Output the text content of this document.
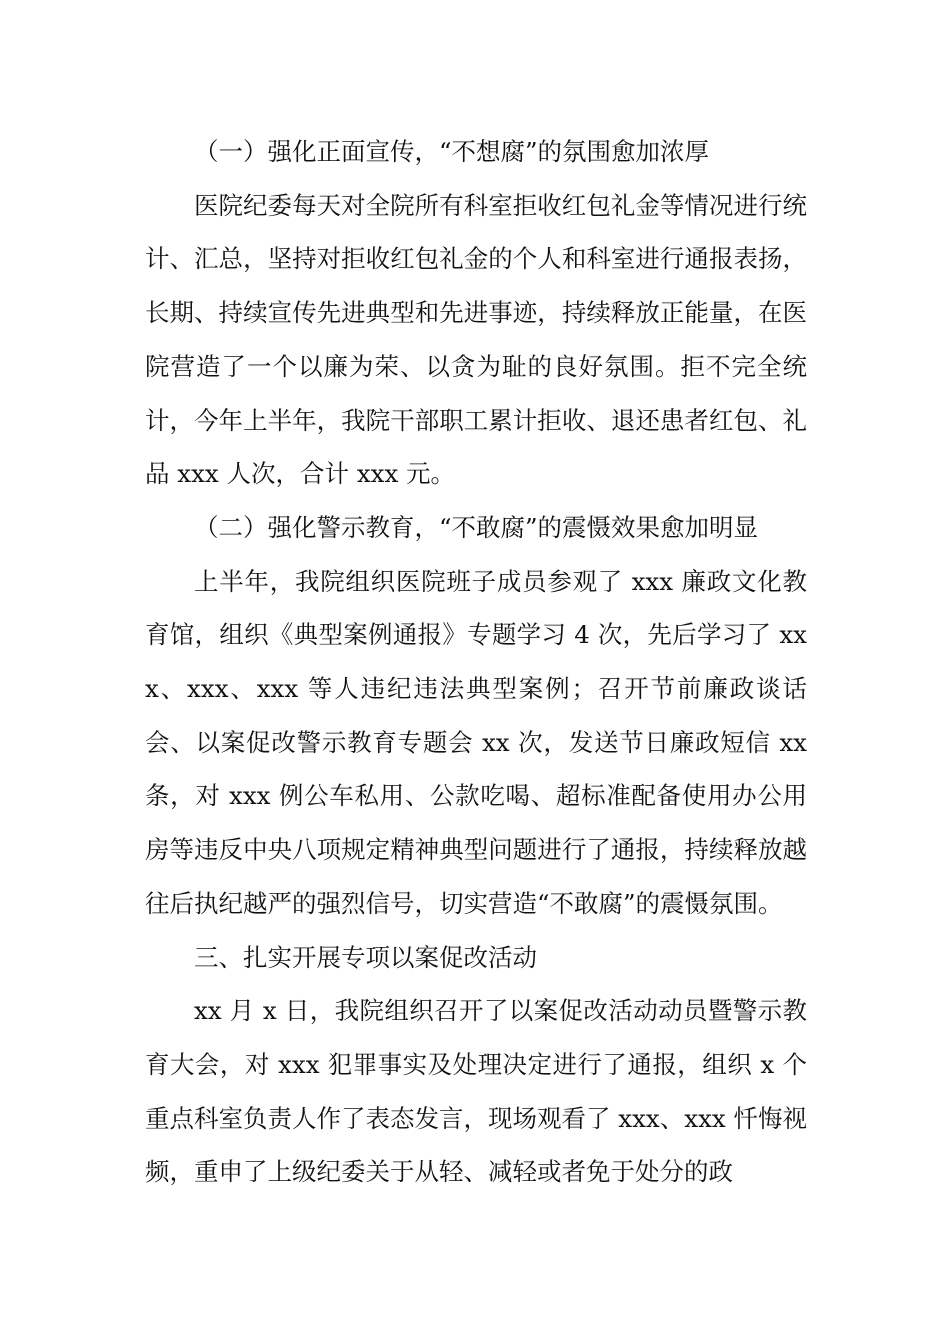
（一）强化正面宣传，“不想腐”的氛围愈加浓厚

医院纪委每天对全院所有科室拒收红包礼金等情况进行统计、汇总，坚持对拒收红包礼金的个人和科室进行通报表扬，长期、持续宣传先进典型和先进事迹，持续释放正能量，在医院营造了一个以廉为荣、以贪为耻的良好氛围。拒不完全统计，今年上半年，我院干部职工累计拒收、退还患者红包、礼品 xxx 人次，合计 xxx 元。

（二）强化警示教育，“不敢腐”的震慑效果愈加明显

上半年，我院组织医院班子成员参观了 xxx 廉政文化教育馆，组织《典型案例通报》专题学习 4 次，先后学习了 xxx、xxx、xxx 等人违纪违法典型案例；召开节前廉政谈话会、以案促改警示教育专题会 xx 次，发送节日廉政短信 xx 条，对 xxx 例公车私用、公款吃喝、超标准配备使用办公用房等违反中央八项规定精神典型问题进行了通报，持续释放越往后执纪越严的强烈信号，切实营造“不敢腐”的震慑氛围。

三、扎实开展专项以案促改活动

xx 月 x 日，我院组织召开了以案促改活动动员暨警示教育大会，对 xxx 犯罪事实及处理决定进行了通报，组织 x 个重点科室负责人作了表态发言，现场观看了 xxx、xxx 忏悔视频，重申了上级纪委关于从轻、减轻或者免于处分的政
